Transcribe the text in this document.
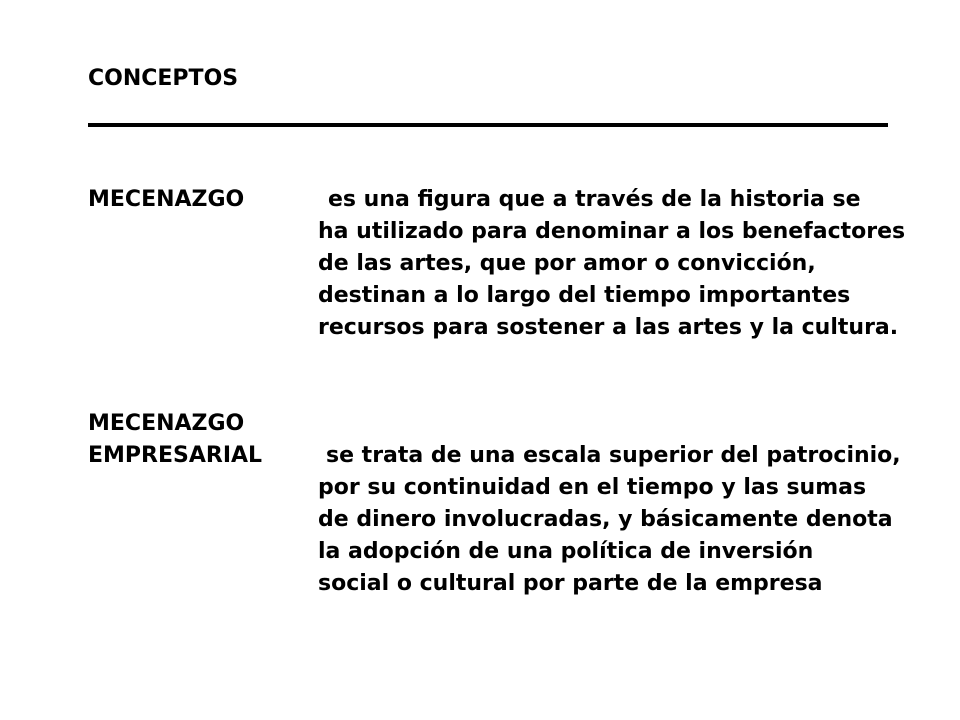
CONCEPTOS
MECENAZGO	es una figura que a través de la historia se
ha utilizado para denominar a los benefactores
de las artes, que por amor o convicción,
destinan a lo largo del tiempo importantes
recursos para sostener a las artes y la cultura.
MECENAZGO
EMPRESARIAL	se trata de una escala superior del patrocinio,
por su continuidad en el tiempo y las sumas
de dinero involucradas, y básicamente denota
la adopción de una política de inversión
social o cultural por parte de la empresa
